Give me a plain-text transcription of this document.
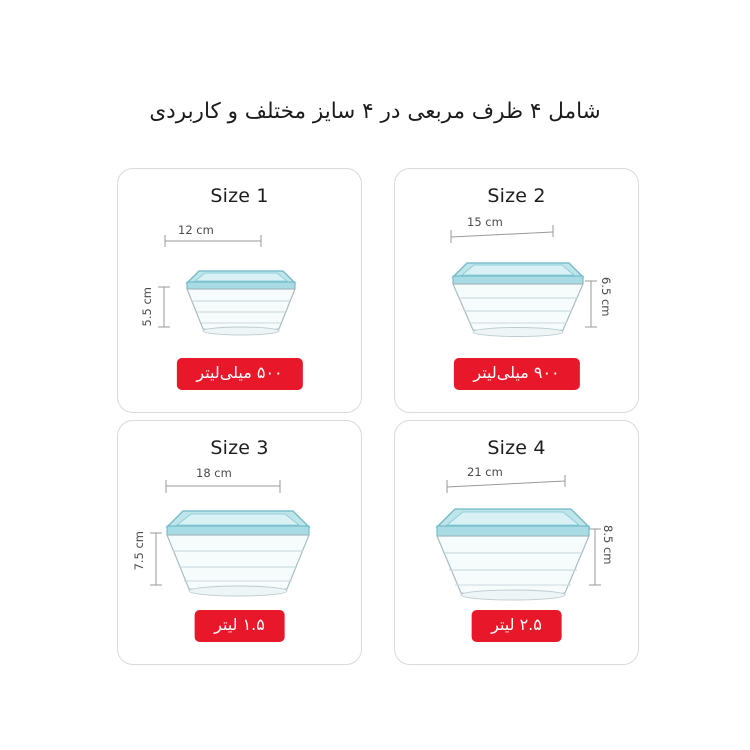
شامل ۴ ظرف مربعی در ۴ سایز مختلف و کاربردی
Size 1
12 cm
5.5 cm
۵۰۰ میلی‌لیتر
Size 2
15 cm
6.5 cm
۹۰۰ میلی‌لیتر
Size 3
18 cm
7.5 cm
۱.۵ لیتر
Size 4
21 cm
8.5 cm
۲.۵ لیتر
